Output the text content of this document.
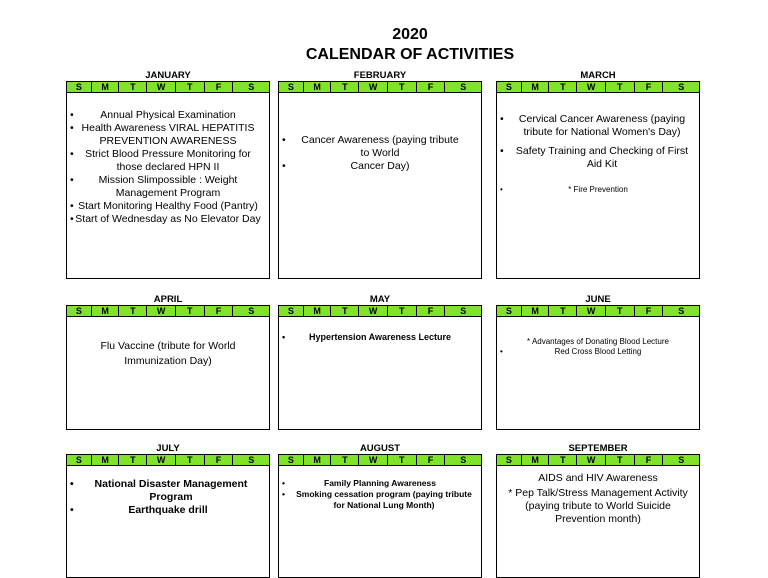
2020
CALENDAR OF ACTIVITIES
JANUARY
S	M	T	W	T	F	S
• Annual Physical Examination
• Health Awareness VIRAL HEPATITIS PREVENTION AWARENESS
• Strict Blood Pressure Monitoring for those declared HPN II
• Mission Slimpossible : Weight Management Program
• Start Monitoring Healthy Food (Pantry)
• Start of Wednesday as No Elevator Day
FEBRUARY
S	M	T	W	T	F	S
• Cancer Awareness (paying tribute to World
• Cancer Day)
MARCH
S	M	T	W	T	F	S
• Cervical Cancer Awareness (paying tribute for National Women's Day)
• Safety Training and Checking of First Aid Kit
• * Fire Prevention
APRIL
S	M	T	W	T	F	S
Flu Vaccine (tribute for World Immunization Day)
MAY
S	M	T	W	T	F	S
• Hypertension Awareness Lecture
JUNE
S	M	T	W	T	F	S
* Advantages of Donating Blood Lecture
• Red Cross Blood Letting
JULY
S	M	T	W	T	F	S
• National Disaster Management Program
• Earthquake drill
AUGUST
S	M	T	W	T	F	S
• Family Planning Awareness
• Smoking cessation program (paying tribute for National Lung Month)
SEPTEMBER
S	M	T	W	T	F	S
AIDS and HIV Awareness
* Pep Talk/Stress Management Activity (paying tribute to World Suicide Prevention month)
